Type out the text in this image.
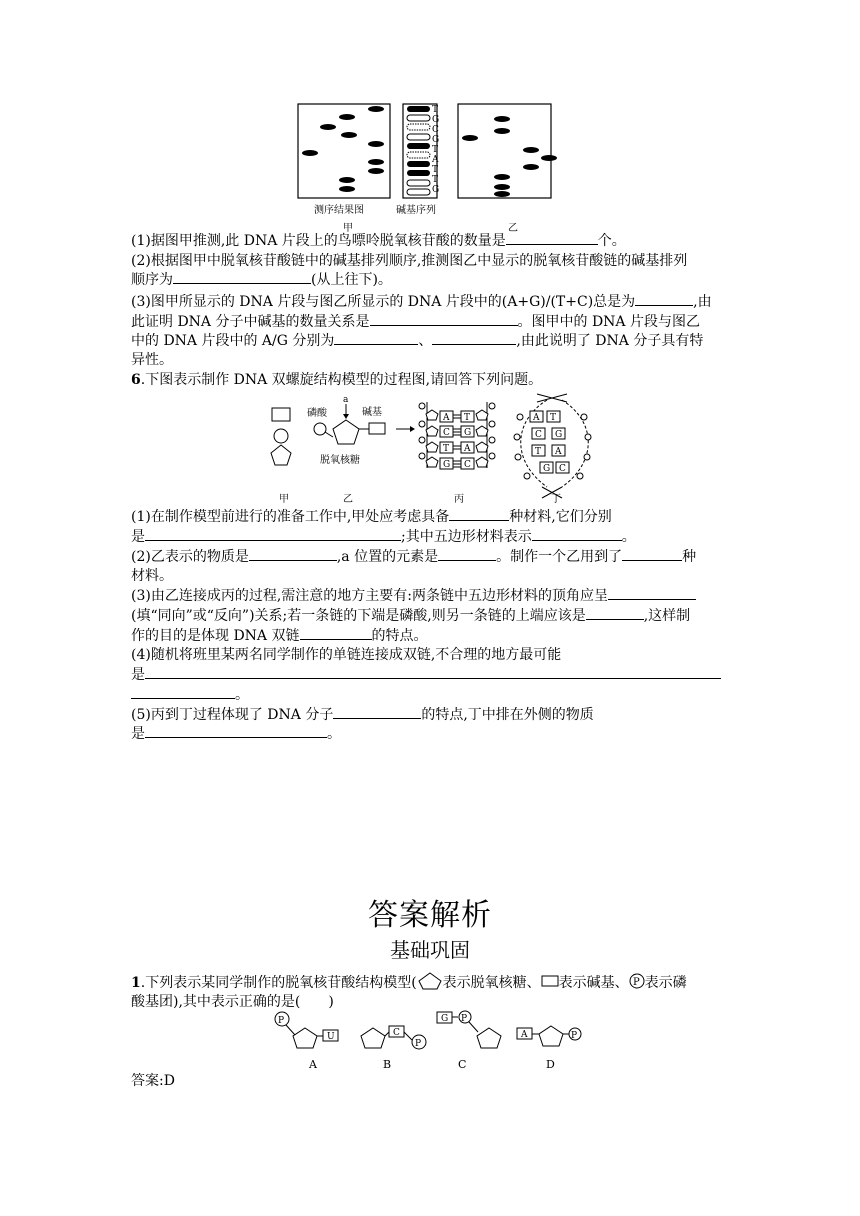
T
G
C
G
T
A
T
T
G
测序结果图	碱基序列
甲	乙
(1)据图甲推测,此 DNA 片段上的鸟嘌呤脱氧核苷酸的数量是	个。
(2)根据图甲中脱氧核苷酸链中的碱基排列顺序,推测图乙中显示的脱氧核苷酸链的碱基排列
顺序为	(从上往下)。
(3)图甲所显示的 DNA 片段与图乙所显示的 DNA 片段中的(A+G)/(T+C)总是为	,由
此证明 DNA 分子中碱基的数量关系是	。图甲中的 DNA 片段与图乙
中的 DNA 片段中的 A/G 分别为	、	,由此说明了 DNA 分子具有特
异性。
6.下图表示制作 DNA 双螺旋结构模型的过程图,请回答下列问题。
磷酸
a
碱基
脱氧核糖
A T
C G
T A
G C
A T
C G
T A
G C
甲	乙	丙	丁
(1)在制作模型前进行的准备工作中,甲处应考虑具备	种材料,它们分别
是	;其中五边形材料表示	。
(2)乙表示的物质是	,a 位置的元素是	。制作一个乙用到了	种
材料。
(3)由乙连接成丙的过程,需注意的地方主要有:两条链中五边形材料的顶角应呈
(填“同向”或“反向”)关系;若一条链的下端是磷酸,则另一条链的上端应该是	,这样制
作的目的是体现 DNA 双链	的特点。
(4)随机将班里某两名同学制作的单链连接成双链,不合理的地方最可能
是
。
(5)丙到丁过程体现了 DNA 分子	的特点,丁中排在外侧的物质
是	。
答案解析
基础巩固
1.下列表示某同学制作的脱氧核苷酸结构模型( 表示脱氧核糖、 表示碱基、 P 表示磷
酸基团),其中表示正确的是(　　)
P
U
A
C
P
B
G P
C
A	P
D
答案:D
